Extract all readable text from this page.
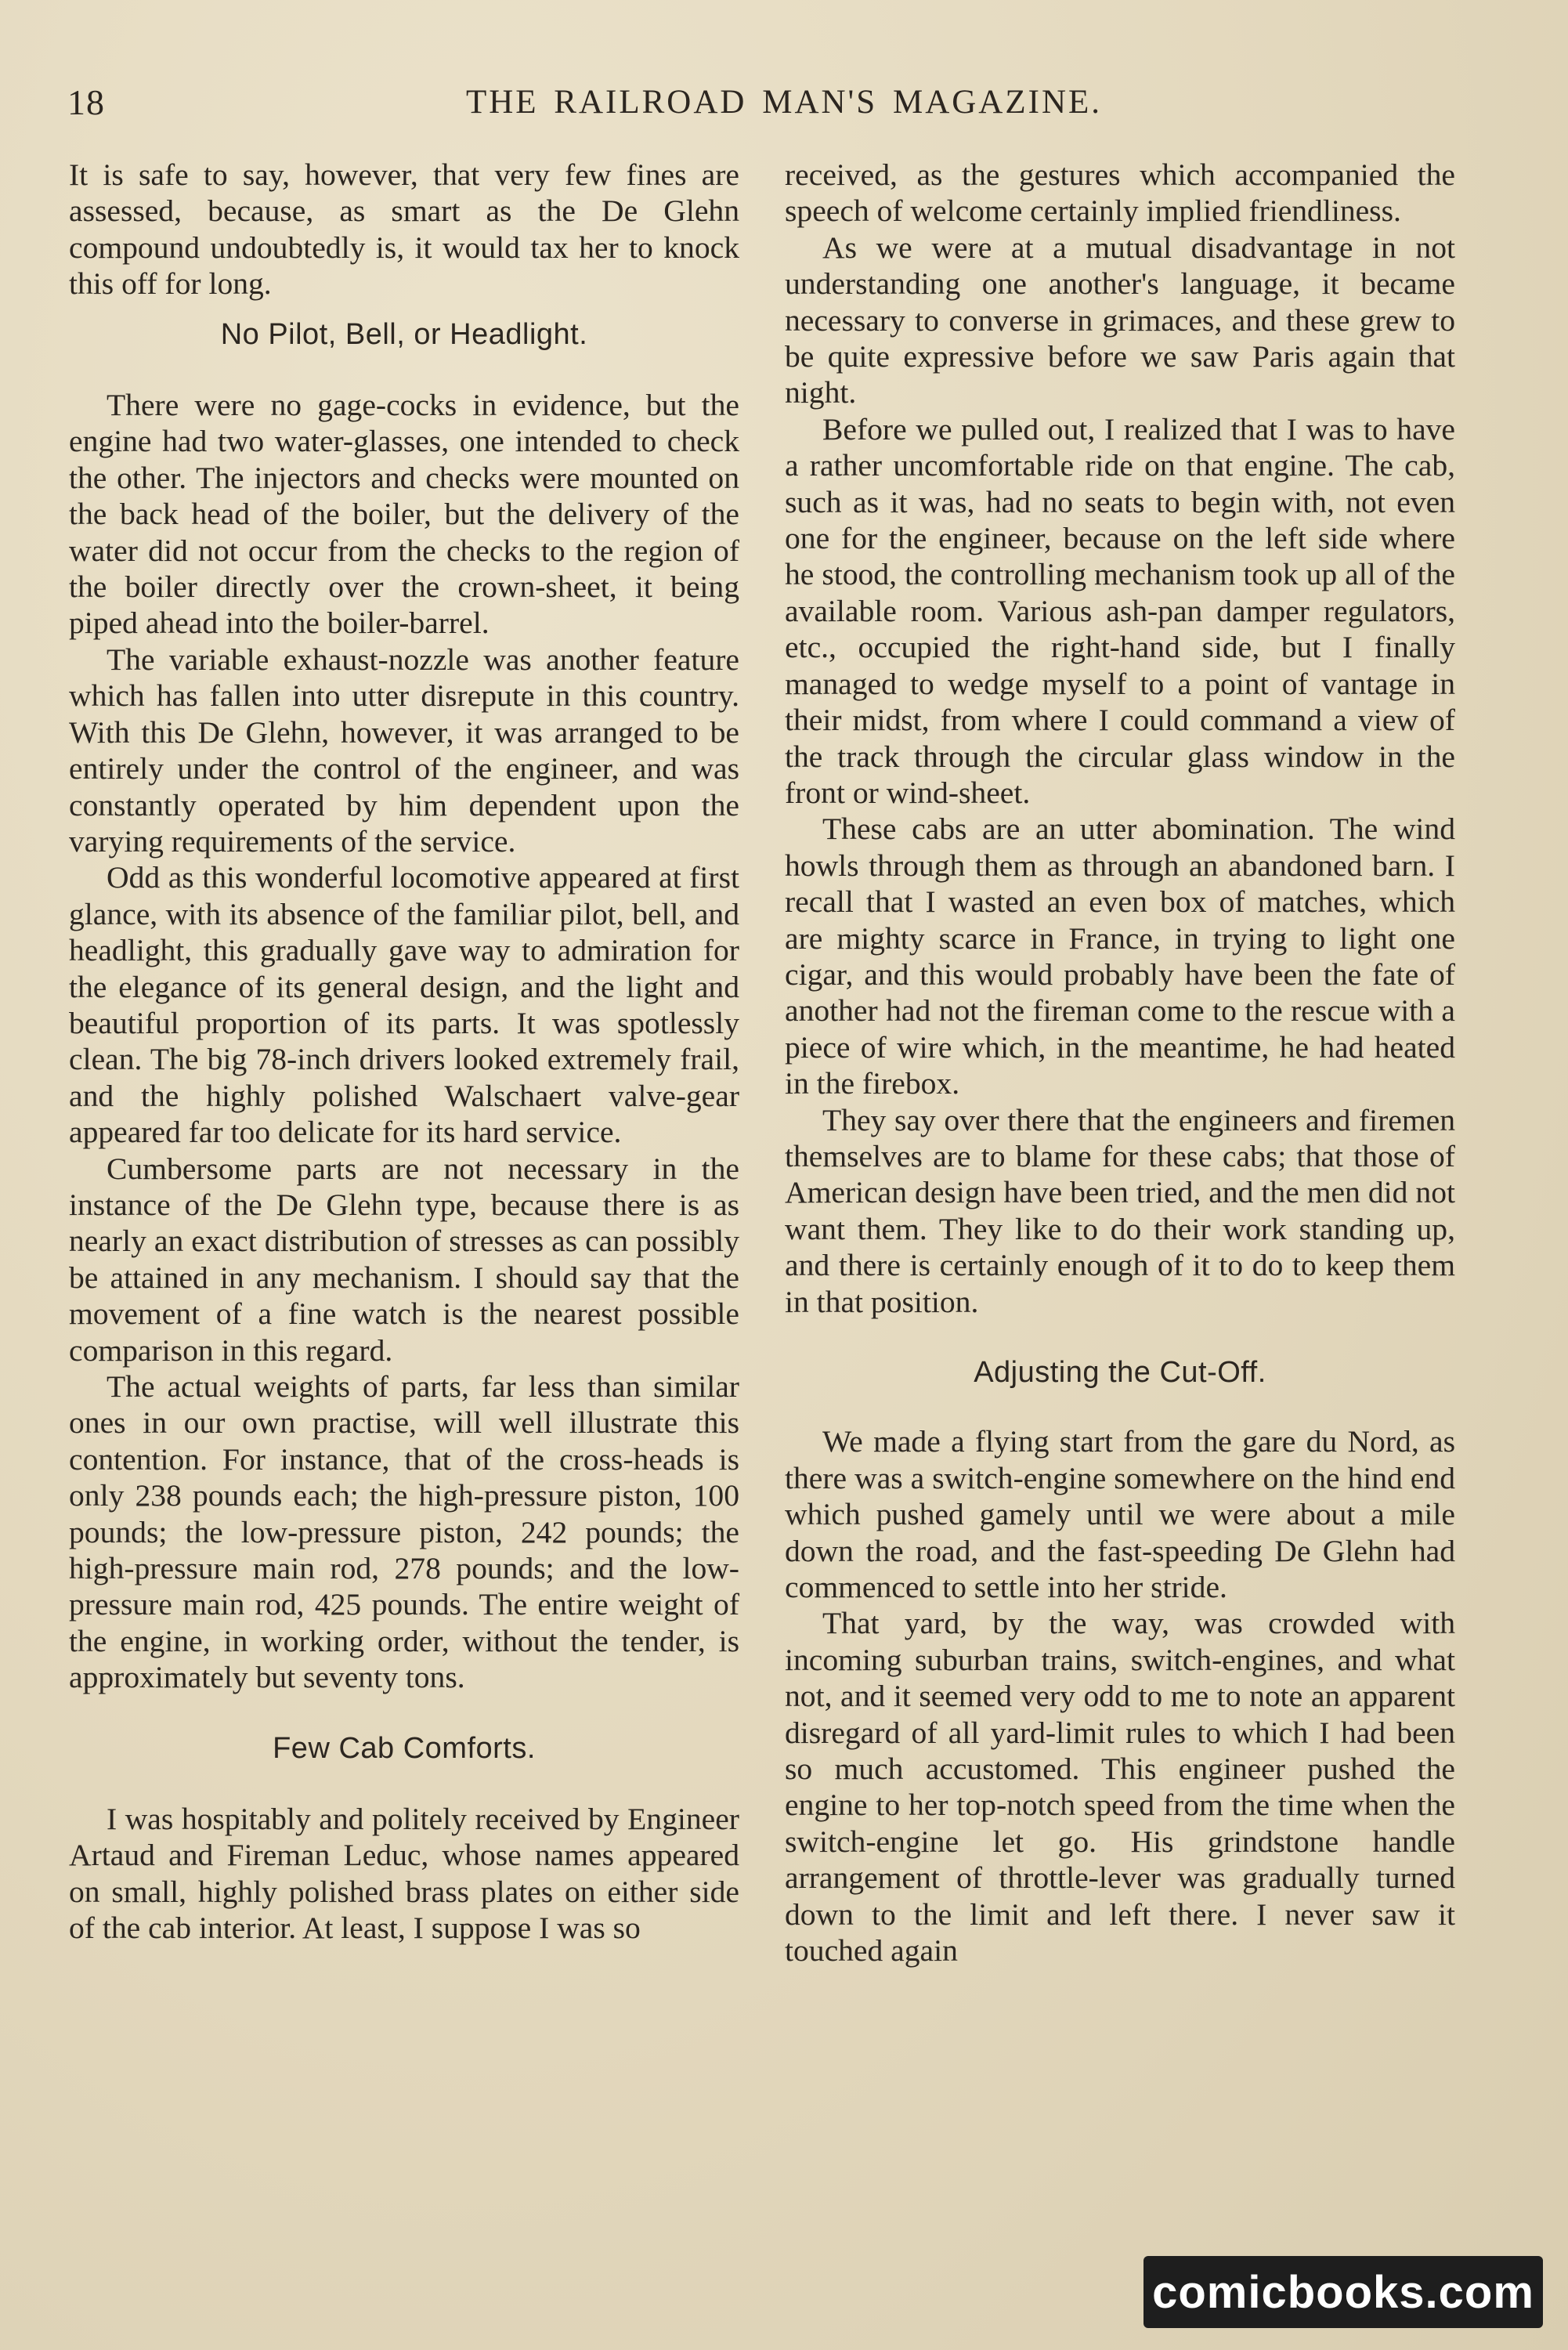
18	THE RAILROAD MAN'S MAGAZINE.

It is safe to say, however, that very few fines are assessed, because, as smart as the De Glehn compound undoubtedly is, it would tax her to knock this off for long.

No Pilot, Bell, or Headlight.

There were no gage-cocks in evidence, but the engine had two water-glasses, one intended to check the other. The injectors and checks were mounted on the back head of the boiler, but the delivery of the water did not occur from the checks to the region of the boiler directly over the crown-sheet, it being piped ahead into the boiler-barrel.

The variable exhaust-nozzle was another feature which has fallen into utter disrepute in this country. With this De Glehn, however, it was arranged to be entirely under the control of the engineer, and was constantly operated by him dependent upon the varying requirements of the service.

Odd as this wonderful locomotive appeared at first glance, with its absence of the familiar pilot, bell, and headlight, this gradually gave way to admiration for the elegance of its general design, and the light and beautiful proportion of its parts. It was spotlessly clean. The big 78-inch drivers looked extremely frail, and the highly polished Walschaert valve-gear appeared far too delicate for its hard service.

Cumbersome parts are not necessary in the instance of the De Glehn type, because there is as nearly an exact distribution of stresses as can possibly be attained in any mechanism. I should say that the movement of a fine watch is the nearest possible comparison in this regard.

The actual weights of parts, far less than similar ones in our own practise, will well illustrate this contention. For instance, that of the cross-heads is only 238 pounds each; the high-pressure piston, 100 pounds; the low-pressure piston, 242 pounds; the high-pressure main rod, 278 pounds; and the low-pressure main rod, 425 pounds. The entire weight of the engine, in working order, without the tender, is approximately but seventy tons.

Few Cab Comforts.

I was hospitably and politely received by Engineer Artaud and Fireman Leduc, whose names appeared on small, highly polished brass plates on either side of the cab interior. At least, I suppose I was so

received, as the gestures which accompanied the speech of welcome certainly implied friendliness.

As we were at a mutual disadvantage in not understanding one another's language, it became necessary to converse in grimaces, and these grew to be quite expressive before we saw Paris again that night.

Before we pulled out, I realized that I was to have a rather uncomfortable ride on that engine. The cab, such as it was, had no seats to begin with, not even one for the engineer, because on the left side where he stood, the controlling mechanism took up all of the available room. Various ash-pan damper regulators, etc., occupied the right-hand side, but I finally managed to wedge myself to a point of vantage in their midst, from where I could command a view of the track through the circular glass window in the front or wind-sheet.

These cabs are an utter abomination. The wind howls through them as through an abandoned barn. I recall that I wasted an even box of matches, which are mighty scarce in France, in trying to light one cigar, and this would probably have been the fate of another had not the fireman come to the rescue with a piece of wire which, in the meantime, he had heated in the firebox.

They say over there that the engineers and firemen themselves are to blame for these cabs; that those of American design have been tried, and the men did not want them. They like to do their work standing up, and there is certainly enough of it to do to keep them in that position.

Adjusting the Cut-Off.

We made a flying start from the gare du Nord, as there was a switch-engine somewhere on the hind end which pushed gamely until we were about a mile down the road, and the fast-speeding De Glehn had commenced to settle into her stride.

That yard, by the way, was crowded with incoming suburban trains, switch-engines, and what not, and it seemed very odd to me to note an apparent disregard of all yard-limit rules to which I had been so much accustomed. This engineer pushed the engine to her top-notch speed from the time when the switch-engine let go. His grindstone handle arrangement of throttle-lever was gradually turned down to the limit and left there. I never saw it touched again

comicbooks.com
